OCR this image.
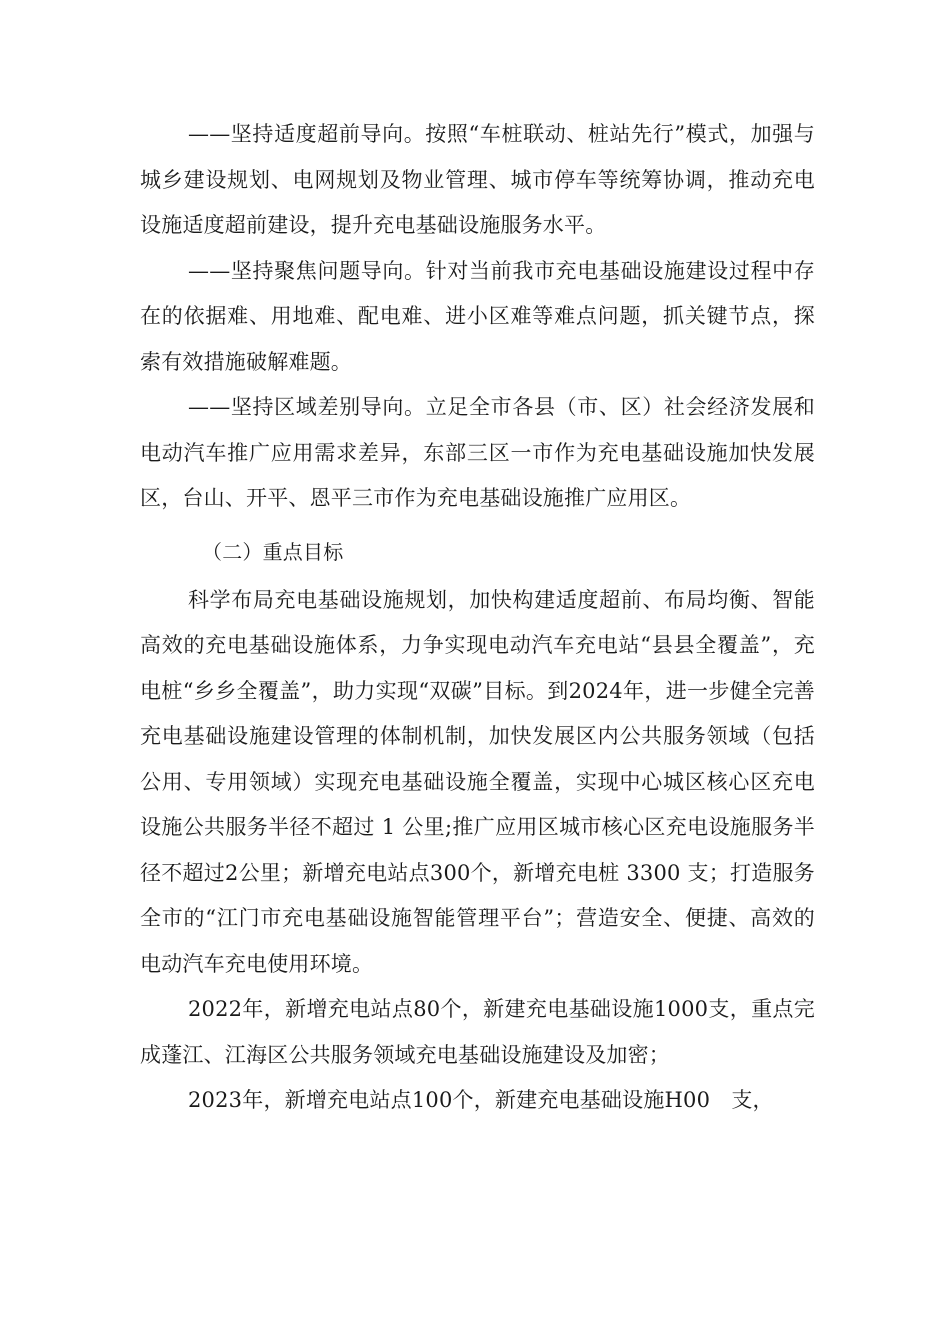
——坚持适度超前导向。按照“车桩联动、桩站先行”模式，加强与城乡建设规划、电网规划及物业管理、城市停车等统筹协调，推动充电设施适度超前建设，提升充电基础设施服务水平。

——坚持聚焦问题导向。针对当前我市充电基础设施建设过程中存在的依据难、用地难、配电难、进小区难等难点问题，抓关键节点，探索有效措施破解难题。

——坚持区域差别导向。立足全市各县（市、区）社会经济发展和电动汽车推广应用需求差异，东部三区一市作为充电基础设施加快发展区，台山、开平、恩平三市作为充电基础设施推广应用区。

（二）重点目标

科学布局充电基础设施规划，加快构建适度超前、布局均衡、智能高效的充电基础设施体系，力争实现电动汽车充电站“县县全覆盖”，充电桩“乡乡全覆盖”，助力实现“双碳”目标。到2024年，进一步健全完善充电基础设施建设管理的体制机制，加快发展区内公共服务领域（包括公用、专用领域）实现充电基础设施全覆盖，实现中心城区核心区充电设施公共服务半径不超过 1 公里;推广应用区城市核心区充电设施服务半径不超过2公里；新增充电站点300个，新增充电桩 3300 支；打造服务全市的“江门市充电基础设施智能管理平台”；营造安全、便捷、高效的电动汽车充电使用环境。

2022年，新增充电站点80个，新建充电基础设施1000支，重点完成蓬江、江海区公共服务领域充电基础设施建设及加密；

2023年，新增充电站点100个，新建充电基础设施H00　支，
